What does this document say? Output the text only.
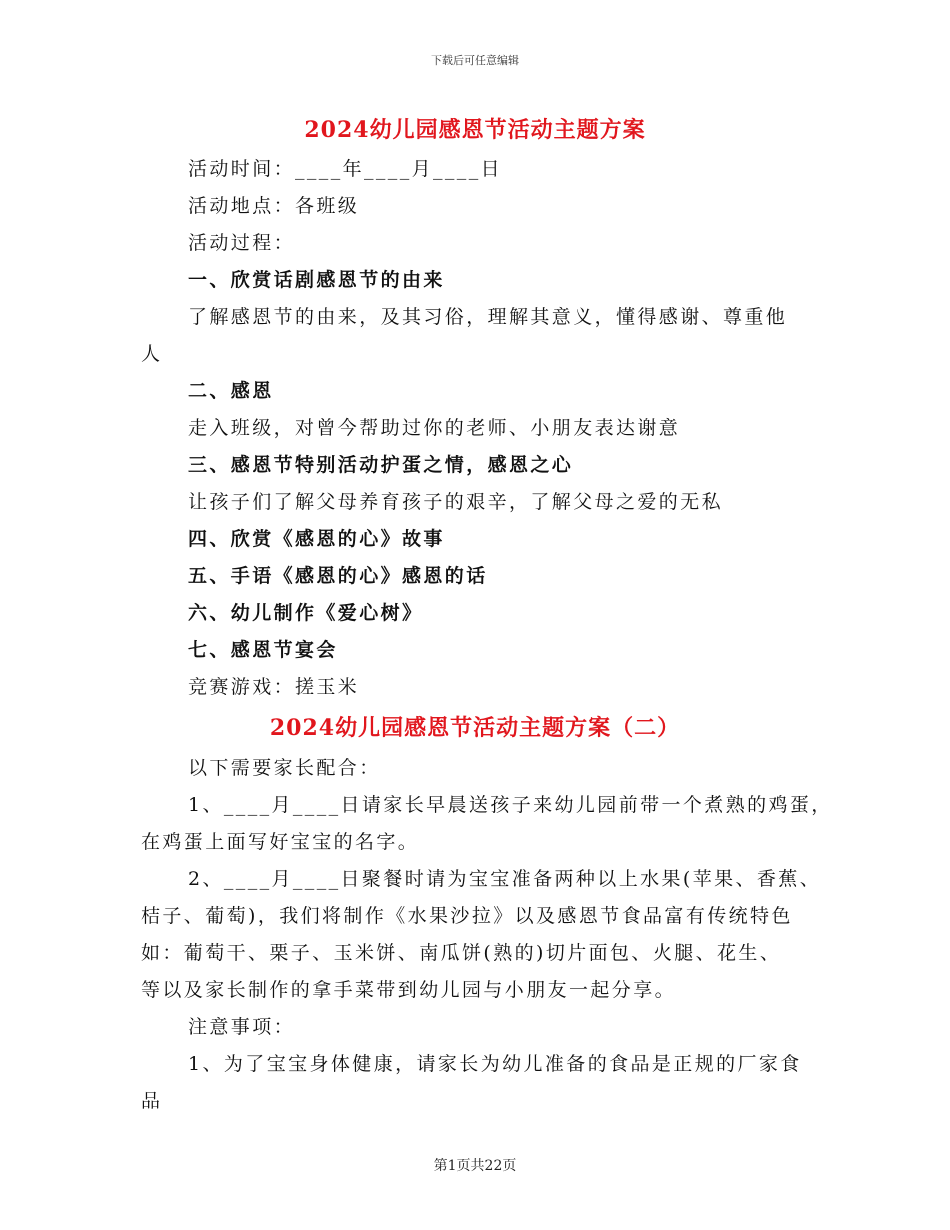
下载后可任意编辑
2024幼儿园感恩节活动主题方案
活动时间：____年____月____日
活动地点：各班级
活动过程：
一、欣赏话剧感恩节的由来
了解感恩节的由来，及其习俗，理解其意义，懂得感谢、尊重他
人
二、感恩
走入班级，对曾今帮助过你的老师、小朋友表达谢意
三、感恩节特别活动护蛋之情，感恩之心
让孩子们了解父母养育孩子的艰辛，了解父母之爱的无私
四、欣赏《感恩的心》故事
五、手语《感恩的心》感恩的话
六、幼儿制作《爱心树》
七、感恩节宴会
竞赛游戏：搓玉米
2024幼儿园感恩节活动主题方案（二）
以下需要家长配合：
1、____月____日请家长早晨送孩子来幼儿园前带一个煮熟的鸡蛋，
在鸡蛋上面写好宝宝的名字。
2、____月____日聚餐时请为宝宝准备两种以上水果(苹果、香蕉、
桔子、葡萄)，我们将制作《水果沙拉》以及感恩节食品富有传统特色
如：葡萄干、栗子、玉米饼、南瓜饼(熟的)切片面包、火腿、花生、
等以及家长制作的拿手菜带到幼儿园与小朋友一起分享。
注意事项：
1、为了宝宝身体健康，请家长为幼儿准备的食品是正规的厂家食
品
第1页共22页
